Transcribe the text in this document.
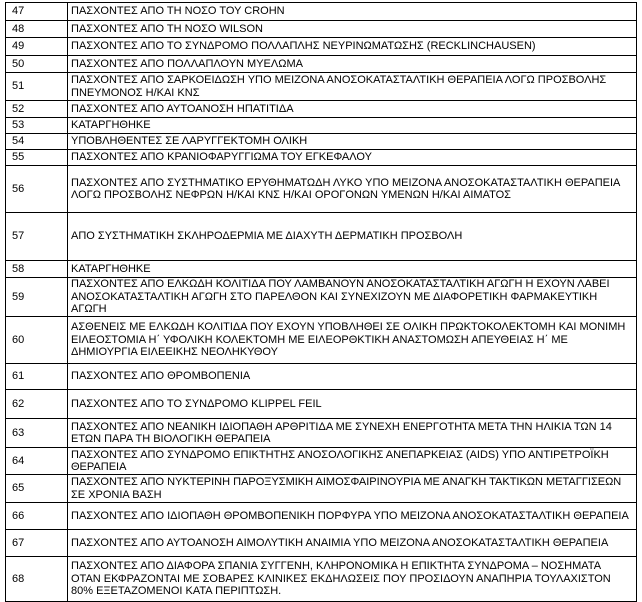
47	ΠΑΣΧΟΝΤΕΣ ΑΠΟ ΤΗ ΝΟΣΟ ΤΟΥ CROHN
48	ΠΑΣΧΟΝΤΕΣ ΑΠΟ ΤΗ ΝΟΣΟ WILSON
49	ΠΑΣΧΟΝΤΕΣ ΑΠΟ ΤΟ ΣΥΝΔΡΟΜΟ ΠΟΛΛΑΠΛΗΣ ΝΕΥΡΙΝΩΜΑΤΩΣΗΣ (RECKLINCHAUSEN)
50	ΠΑΣΧΟΝΤΕΣ ΑΠΟ ΠΟΛΛΑΠΛΟΥΝ ΜΥΕΛΩΜΑ
51	ΠΑΣΧΟΝΤΕΣ ΑΠΟ ΣΑΡΚΟΕΙΔΩΣΗ ΥΠΟ ΜΕΙΖΟΝΑ ΑΝΟΣΟΚΑΤΑΣΤΑΛΤΙΚΗ ΘΕΡΑΠΕΙΑ ΛΟΓΩ ΠΡΟΣΒΟΛΗΣ ΠΝΕΥΜΟΝΟΣ Η/ΚΑΙ ΚΝΣ
52	ΠΑΣΧΟΝΤΕΣ ΑΠΟ ΑΥΤΟΑΝΟΣΗ ΗΠΑΤΙΤΙΔΑ
53	ΚΑΤΑΡΓΗΘΗΚΕ
54	ΥΠΟΒΛΗΘΕΝΤΕΣ ΣΕ ΛΑΡΥΓΓΕΚΤΟΜΗ ΟΛΙΚΗ
55	ΠΑΣΧΟΝΤΕΣ ΑΠΟ ΚΡΑΝΙΟΦΑΡΥΓΓΙΩΜΑ ΤΟΥ ΕΓΚΕΦΑΛΟΥ
56	ΠΑΣΧΟΝΤΕΣ ΑΠΟ ΣΥΣΤΗΜΑΤΙΚΟ ΕΡΥΘΗΜΑΤΩΔΗ ΛΥΚΟ ΥΠΟ ΜΕΙΖΟΝΑ ΑΝΟΣΟΚΑΤΑΣΤΑΛΤΙΚΗ ΘΕΡΑΠΕΙΑ ΛΟΓΩ ΠΡΟΣΒΟΛΗΣ ΝΕΦΡΩΝ Η/ΚΑΙ ΚΝΣ Η/ΚΑΙ ΟΡΟΓΟΝΩΝ ΥΜΕΝΩΝ Η/ΚΑΙ ΑΙΜΑΤΟΣ
57	ΑΠΟ ΣΥΣΤΗΜΑΤΙΚΗ ΣΚΛΗΡΟΔΕΡΜΙΑ ΜΕ ΔΙΑΧΥΤΗ ΔΕΡΜΑΤΙΚΗ ΠΡΟΣΒΟΛΗ
58	ΚΑΤΑΡΓΗΘΗΚΕ
59	ΠΑΣΧΟΝΤΕΣ ΑΠΟ ΕΛΚΩΔΗ ΚΟΛΙΤΙΔΑ ΠΟΥ ΛΑΜΒΑΝΟΥΝ ΑΝΟΣΟΚΑΤΑΣΤΑΛΤΙΚΗ ΑΓΩΓΗ Η ΕΧΟΥΝ ΛΑΒΕΙ ΑΝΟΣΟΚΑΤΑΣΤΑΛΤΙΚΗ ΑΓΩΓΗ ΣΤΟ ΠΑΡΕΛΘΟΝ ΚΑΙ ΣΥΝΕΧΙΖΟΥΝ ΜΕ ΔΙΑΦΟΡΕΤΙΚΗ ΦΑΡΜΑΚΕΥΤΙΚΗ ΑΓΩΓΗ
60	ΑΣΘΕΝΕΙΣ ΜΕ ΕΛΚΩΔΗ ΚΟΛΙΤΙΔΑ ΠΟΥ ΕΧΟΥΝ ΥΠΟΒΛΗΘΕΙ ΣΕ ΟΛΙΚΗ ΠΡΩΚΤΟΚΟΛΕΚΤΟΜΗ ΚΑΙ ΜΟΝΙΜΗ ΕΙΛΕΟΣΤΟΜΙΑ Η΄ ΥΦΟΛΙΚΗ ΚΟΛΕΚΤΟΜΗ ΜΕ ΕΙΛΕΟΡΘΚΤΙΚΗ ΑΝΑΣΤΟΜΩΣΗ ΑΠΕΥΘΕΙΑΣ Η΄ ΜΕ ΔΗΜΙΟΥΡΓΙΑ ΕΙΛΕΕΙΚΗΣ ΝΕΟΛΗΚΥΘΟΥ
61	ΠΑΣΧΟΝΤΕΣ ΑΠΟ ΘΡΟΜΒΟΠΕΝΙΑ
62	ΠΑΣΧΟΝΤΕΣ ΑΠΟ ΤΟ ΣΥΝΔΡΟΜΟ KLIPPEL FEIL
63	ΠΑΣΧΟΝΤΕΣ ΑΠΟ ΝΕΑΝΙΚΗ ΙΔΙΟΠΑΘΗ ΑΡΘΡΙΤΙΔΑ ΜΕ ΣΥΝΕΧΗ ΕΝΕΡΓΟΤΗΤΑ ΜΕΤΑ ΤΗΝ ΗΛΙΚΙΑ ΤΩΝ 14 ΕΤΩΝ ΠΑΡΑ ΤΗ ΒΙΟΛΟΓΙΚΗ ΘΕΡΑΠΕΙΑ
64	ΠΑΣΧΟΝΤΕΣ ΑΠΟ ΣΥΝΔΡΟΜΟ ΕΠΙΚΤΗΤΗΣ ΑΝΟΣΟΛΟΓΙΚΗΣ ΑΝΕΠΑΡΚΕΙΑΣ (AIDS) ΥΠΟ ΑΝΤΙΡΕΤΡΟΪΚΗ ΘΕΡΑΠΕΙΑ
65	ΠΑΣΧΟΝΤΕΣ ΑΠΟ ΝΥΚΤΕΡΙΝΗ ΠΑΡΟΞΥΣΜΙΚΗ ΑΙΜΟΣΦΑΙΡΙΝΟΥΡΙΑ ΜΕ ΑΝΑΓΚΗ ΤΑΚΤΙΚΩΝ ΜΕΤΑΓΓΙΣΕΩΝ ΣΕ ΧΡΟΝΙΑ ΒΑΣΗ
66	ΠΑΣΧΟΝΤΕΣ ΑΠΟ ΙΔΙΟΠΑΘΗ ΘΡΟΜΒΟΠΕΝΙΚΗ ΠΟΡΦΥΡΑ ΥΠΟ ΜΕΙΖΟΝΑ ΑΝΟΣΟΚΑΤΑΣΤΑΛΤΙΚΗ ΘΕΡΑΠΕΙΑ
67	ΠΑΣΧΟΝΤΕΣ ΑΠΟ ΑΥΤΟΑΝΟΣΗ ΑΙΜΟΛΥΤΙΚΗ ΑΝΑΙΜΙΑ ΥΠΟ ΜΕΙΖΟΝΑ ΑΝΟΣΟΚΑΤΑΣΤΑΛΤΙΚΗ ΘΕΡΑΠΕΙΑ
68	ΠΑΣΧΟΝΤΕΣ ΑΠΟ ΔΙΑΦΟΡΑ ΣΠΑΝΙΑ ΣΥΓΓΕΝΗ, ΚΛΗΡΟΝΟΜΙΚΑ Η ΕΠΙΚΤΗΤΑ ΣΥΝΔΡΟΜΑ – ΝΟΣΗΜΑΤΑ ΟΤΑΝ ΕΚΦΡΑΖΟΝΤΑΙ ΜΕ ΣΟΒΑΡΕΣ ΚΛΙΝΙΚΕΣ ΕΚΔΗΛΩΣΕΙΣ ΠΟΥ ΠΡΟΣΙΔΟΥΝ ΑΝΑΠΗΡΙΑ ΤΟΥΛΑΧΙΣΤΟΝ 80% ΕΞΕΤΑΖΟΜΕΝΟΙ ΚΑΤΑ ΠΕΡΙΠΤΩΣΗ.
